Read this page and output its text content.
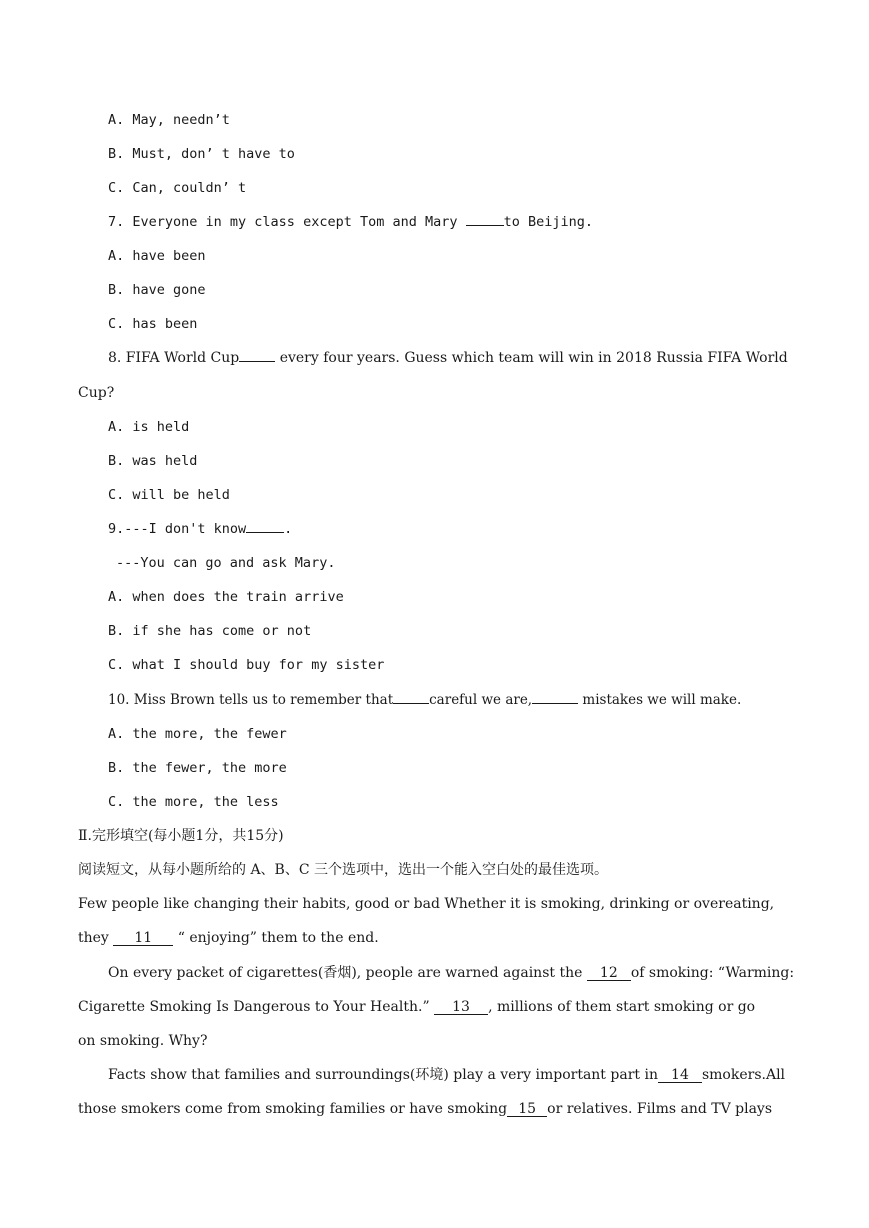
A. May, needn’t
B. Must, don’ t have to
C. Can, couldn’ t
7. Everyone in my class except Tom and Mary	to Beijing.
A. have been
B. have gone
C. has been
8. FIFA World Cup	every four years. Guess which team will win in 2018 Russia FIFA World
Cup?
A. is held
B. was held
C. will be held
9.---I don't know	.
---You can go and ask Mary.
A. when does the train arrive
B. if she has come or not
C. what I should buy for my sister
10. Miss Brown tells us to remember that	careful we are,	mistakes we will make.
A. the more, the fewer
B. the fewer, the more
C. the more, the less
Ⅱ.完形填空(每小题1分，共15分)
阅读短文，从每小题所给的 A、B、C 三个选项中，选出一个能入空白处的最佳选项。
Few people like changing their habits, good or bad Whether it is smoking, drinking or overeating,
they 11 “ enjoying” them to the end.
On every packet of cigarettes(香烟), people are warned against the 12 of smoking: “Warming:
Cigarette Smoking Is Dangerous to Your Health.” 13 , millions of them start smoking or go
on smoking. Why?
Facts show that families and surroundings(环境) play a very important part in 14 smokers.All
those smokers come from smoking families or have smoking 15 or relatives. Films and TV plays
